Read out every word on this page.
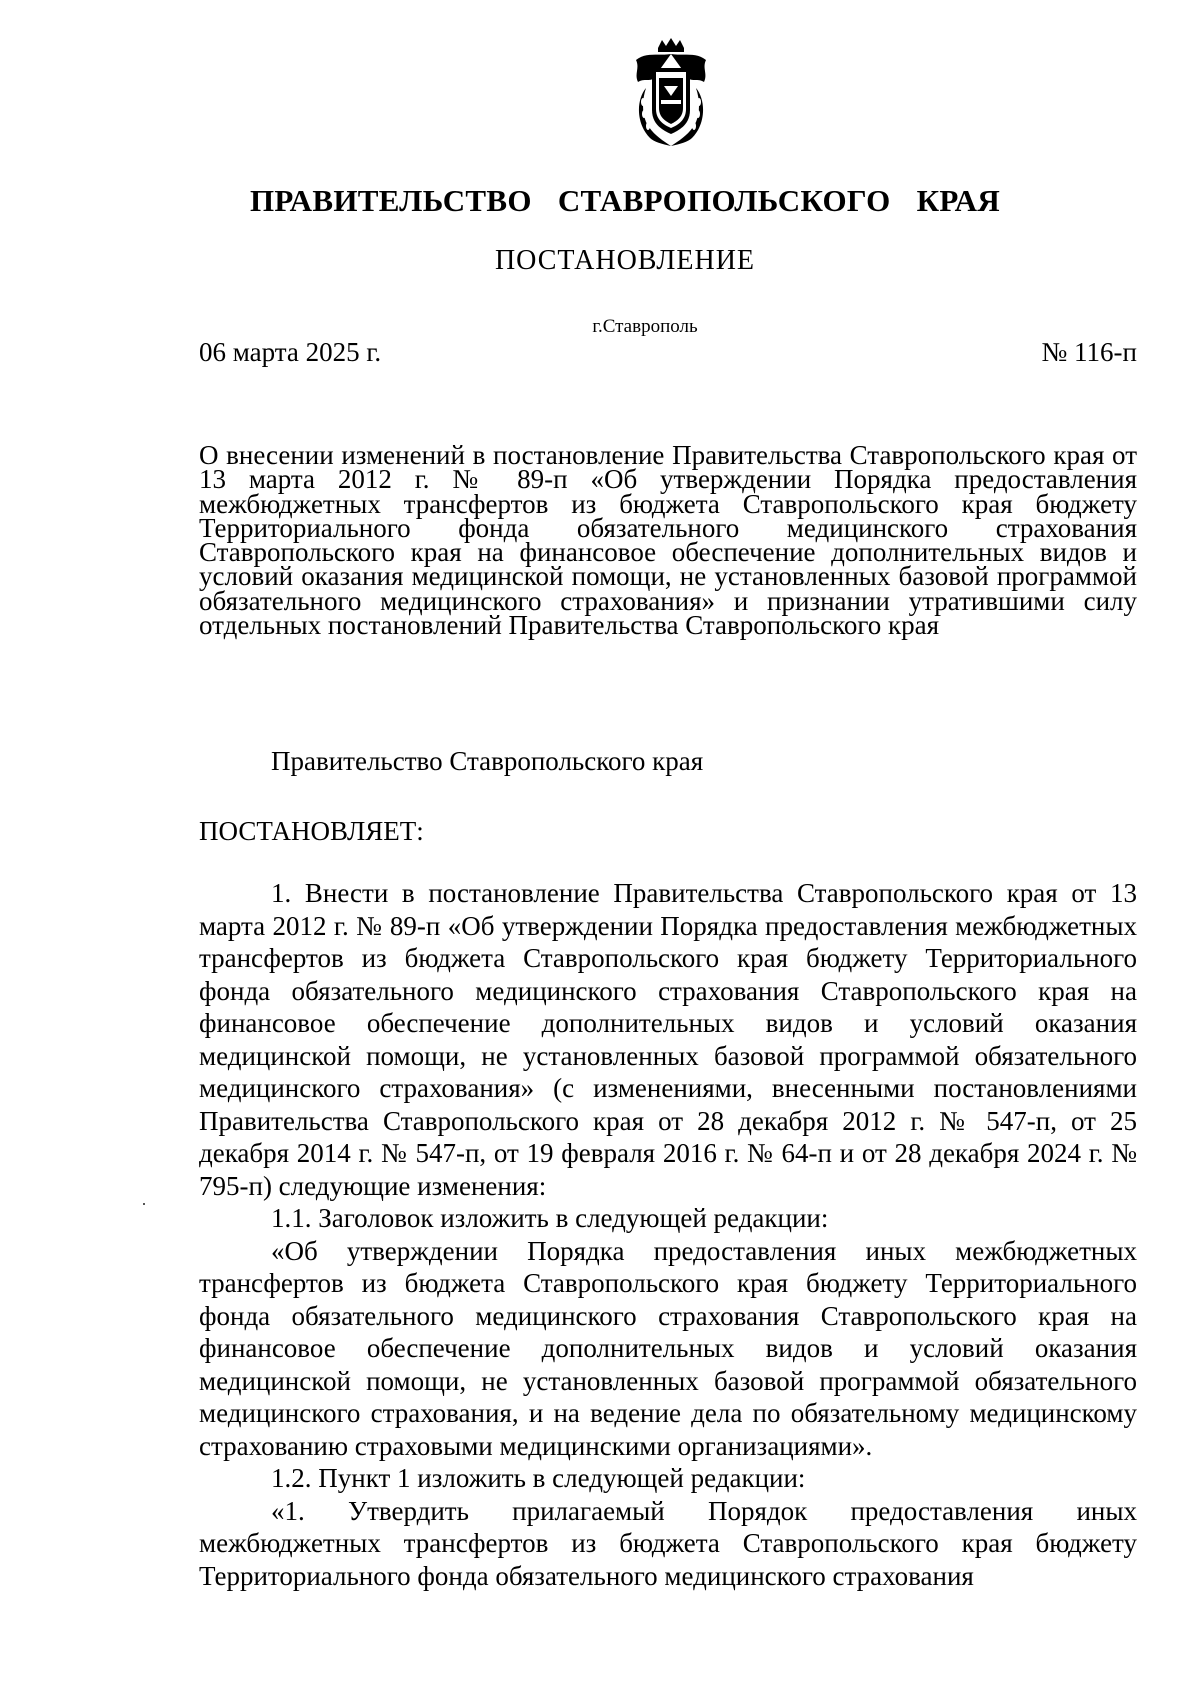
ПРАВИТЕЛЬСТВО СТАВРОПОЛЬСКОГО КРАЯ
ПОСТАНОВЛЕНИЕ
г.Ставрополь
06 марта 2025 г.	№ 116-п
О внесении изменений в постановление Правительства Ставропольского края от 13 марта 2012 г. № 89-п «Об утверждении Порядка предоставления межбюджетных трансфертов из бюджета Ставропольского края бюджету Территориального фонда обязательного медицинского страхования Ставропольского края на финансовое обеспечение дополнительных видов и условий оказания медицинской помощи, не установленных базовой программой обязательного медицинского страхования» и признании утратившими силу отдельных постановлений Правительства Ставропольского края
Правительство Ставропольского края
ПОСТАНОВЛЯЕТ:

1. Внести в постановление Правительства Ставропольского края от 13 марта 2012 г. № 89-п «Об утверждении Порядка предоставления межбюджетных трансфертов из бюджета Ставропольского края бюджету Территориального фонда обязательного медицинского страхования Ставропольского края на финансовое обеспечение дополнительных видов и условий оказания медицинской помощи, не установленных базовой программой обязательного медицинского страхования» (с изменениями, внесенными постановлениями Правительства Ставропольского края от 28 декабря 2012 г. № 547-п, от 25 декабря 2014 г. № 547-п, от 19 февраля 2016 г. № 64-п и от 28 декабря 2024 г. № 795-п) следующие изменения:

1.1. Заголовок изложить в следующей редакции:

«Об утверждении Порядка предоставления иных межбюджетных трансфертов из бюджета Ставропольского края бюджету Территориального фонда обязательного медицинского страхования Ставропольского края на финансовое обеспечение дополнительных видов и условий оказания медицинской помощи, не установленных базовой программой обязательного медицинского страхования, и на ведение дела по обязательному медицинскому страхованию страховыми медицинскими организациями».

1.2. Пункт 1 изложить в следующей редакции:

«1. Утвердить прилагаемый Порядок предоставления иных межбюджетных трансфертов из бюджета Ставропольского края бюджету Территориального фонда обязательного медицинского страхования
